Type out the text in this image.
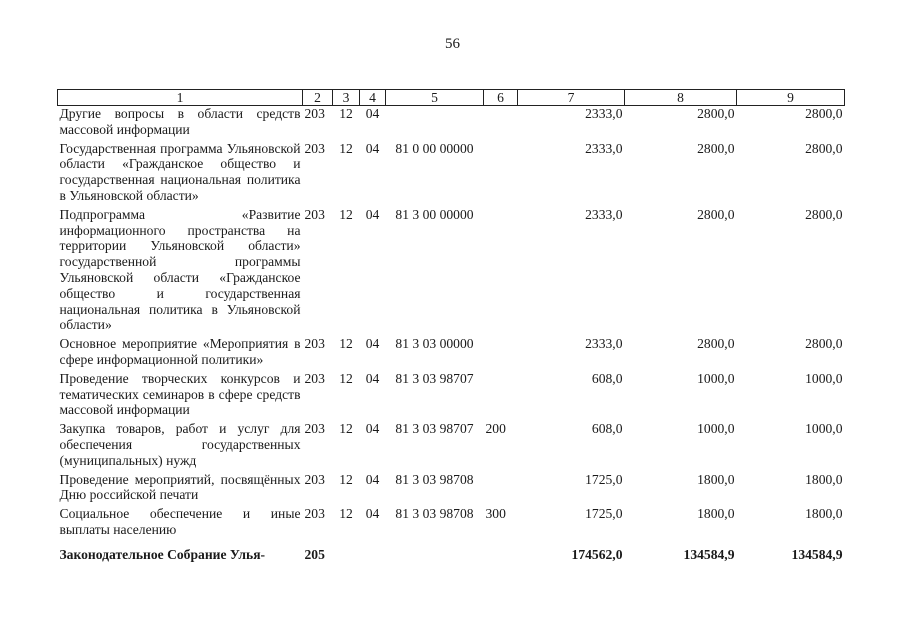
56
1	2	3	4	5	6	7	8	9
Другие вопросы в области средств массовой информации	203	12	04			2333,0	2800,0	2800,0
Государственная программа Ульяновской области «Гражданское общество и государственная национальная политика в Ульяновской области»	203	12	04	81 0 00 00000		2333,0	2800,0	2800,0
Подпрограмма «Развитие информационного пространства на территории Ульяновской области» государственной программы Ульяновской области «Гражданское общество и государственная национальная политика в Ульяновской области»	203	12	04	81 3 00 00000		2333,0	2800,0	2800,0
Основное мероприятие «Мероприятия в сфере информационной политики»	203	12	04	81 3 03 00000		2333,0	2800,0	2800,0
Проведение творческих конкурсов и тематических семинаров в сфере средств массовой информации	203	12	04	81 3 03 98707		608,0	1000,0	1000,0
Закупка товаров, работ и услуг для обеспечения государственных (муниципальных) нужд	203	12	04	81 3 03 98707	200	608,0	1000,0	1000,0
Проведение мероприятий, посвящённых Дню российской печати	203	12	04	81 3 03 98708		1725,0	1800,0	1800,0
Социальное обеспечение и иные выплаты населению	203	12	04	81 3 03 98708	300	1725,0	1800,0	1800,0
Законодательное Собрание Улья-	205					174562,0	134584,9	134584,9
